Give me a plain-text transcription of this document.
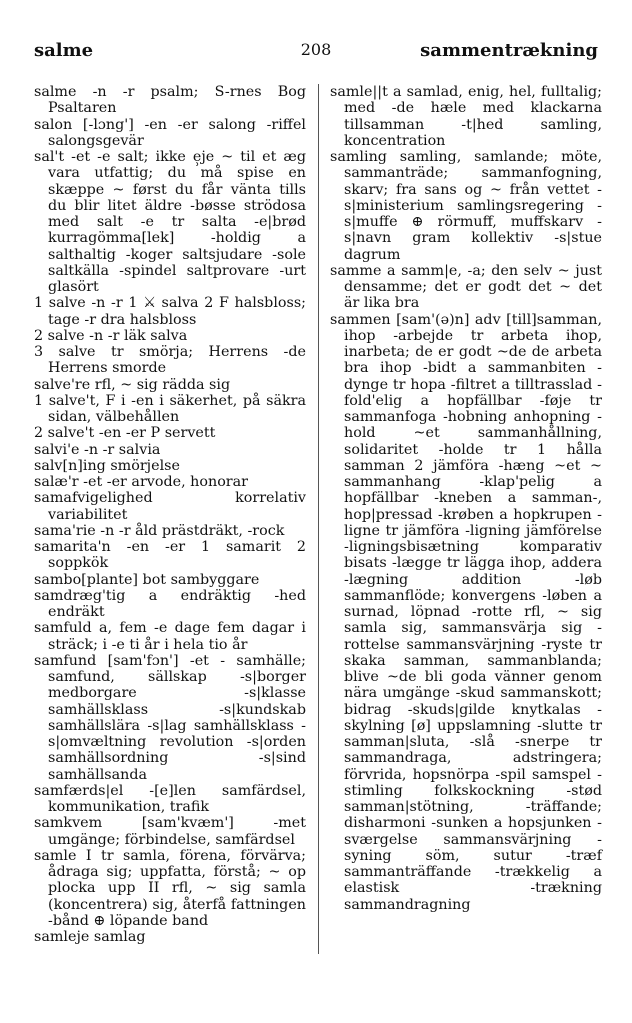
salme	208	sammentrækning

salme -n -r psalm; S-rnes Bog Psaltaren

salon [-lɔng'] -en -er salong -riffel salongsgevär

sal't -et -e salt; ikke e̹je ~ til et æg vara utfattig; du må spise en skæppe ~ først du får vänta tills du blir litet äldre -bøsse strödosa med salt -e tr salta -e|brød kurragömma[lek] -holdig a salthaltig -koger saltsjudare -sole saltkälla -spindel saltprovare -urt glasört

1 salve -n -r 1 ⚔ salva 2 F halsbloss; tage -r dra halsbloss

2 salve -n -r läk salva

3 salve tr smörja; Herrens -de Herrens smorde

salve're rfl, ~ sig rädda sig

1 salve't, F i -en i säkerhet, på säkra sidan, välbehållen

2 salve't -en -er P servett

salvi'e -n -r salvia

salv[n]ing smörjelse

salæ'r -et -er arvode, honorar

samafvigelighed korrelativ variabilitet

sama'rie -n -r åld prästdräkt, -rock

samarita'n -en -er 1 samarit 2 soppkök

sambo[plante] bot sambyggare

samdræg'tig a endräktig -hed endräkt

samfuld a, fem -e dage fem dagar i sträck; i -e ti år i hela tio år

samfund [sam'fɔn'] -et - samhälle; samfund, sällskap -s|borger medborgare -s|klasse samhällsklass -s|kundskab samhällslära -s|lag samhällsklass -s|omvæltning revolution -s|orden samhällsordning -s|sind samhällsanda

samfærds|el -[e]len samfärdsel, kommunikation, trafik

samkvem [sam'kvæm'] -met umgänge; förbindelse, samfärdsel

samle I tr samla, förena, förvärva; ådraga sig; uppfatta, förstå; ~ op plocka upp II rfl, ~ sig samla (koncentrera) sig, återfå fattningen -bånd ⊕ löpande band

samleje samlag

samle||t a samlad, enig, hel, fulltalig; med -de hæle med klackarna tillsamman -t|hed samling, koncentration

samling samling, samlande; möte, sammanträde; sammanfogning, skarv; fra sans og ~ från vettet -s|ministerium samlingsregering -s|muffe ⊕ rörmuff, muffskarv -s|navn gram kollektiv -s|stue dagrum

samme a samm|e, -a; den selv ~ just densamme; det er godt det ~ det är lika bra

sammen [sam'(ə)n] adv [till]samman, ihop -arbejde tr arbeta ihop, inarbeta; de er godt ~de de arbeta bra ihop -bidt a sammanbiten -dynge tr hopa -filtret a tilltrasslad -fold'elig a hopfällbar -føje tr sammanfoga -hobning anhopning -hold ~et sammanhållning, solidaritet -holde tr 1 hålla samman 2 jämföra -hæng ~et ~ sammanhang -klap'pelig a hopfällbar -kneben a samman-, hop|pressad -krøben a hopkrupen -ligne tr jämföra -ligning jämförelse -ligningsbisætning komparativ bisats -lægge tr lägga ihop, addera -lægning addition -løb sammanflöde; konvergens -løben a surnad, löpnad -rotte rfl, ~ sig samla sig, sammansvärja sig -rottelse sammansvärjning -ryste tr skaka samman, sammanblanda; blive ~de bli goda vänner genom nära umgänge -skud sammanskott; bidrag -skuds|gilde knytkalas -skylning [ø] uppslamning -slutte tr samman|sluta, -slå -snerpe tr sammandraga, adstringera; förvrida, hopsnörpa -spil samspel -stimling folkskockning -stød samman|stötning, -träffande; disharmoni -sunken a hopsjunken -sværgelse sammansvärjning -syning söm, sutur -træf sammanträffande -trækkelig a elastisk -trækning sammandragning
